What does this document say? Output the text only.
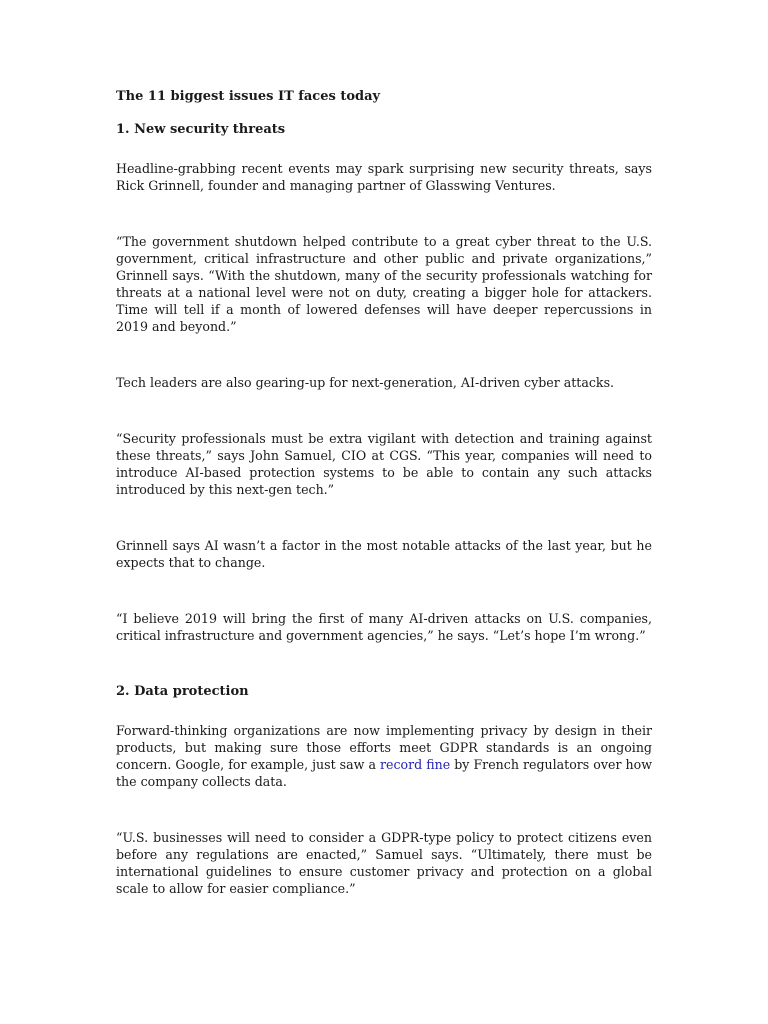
The 11 biggest issues IT faces today
1. New security threats

Headline-grabbing recent events may spark surprising new security threats, says Rick Grinnell, founder and managing partner of Glasswing Ventures.

“The government shutdown helped contribute to a great cyber threat to the U.S. government, critical infrastructure and other public and private organizations,” Grinnell says. “With the shutdown, many of the security professionals watching for threats at a national level were not on duty, creating a bigger hole for attackers. Time will tell if a month of lowered defenses will have deeper repercussions in 2019 and beyond.”

Tech leaders are also gearing-up for next-generation, AI-driven cyber attacks.

“Security professionals must be extra vigilant with detection and training against these threats,” says John Samuel, CIO at CGS. “This year, companies will need to introduce AI-based protection systems to be able to contain any such attacks introduced by this next-gen tech.”

Grinnell says AI wasn’t a factor in the most notable attacks of the last year, but he expects that to change.

“I believe 2019 will bring the first of many AI-driven attacks on U.S. companies, critical infrastructure and government agencies,” he says. “Let’s hope I’m wrong.”

2. Data protection

Forward-thinking organizations are now implementing privacy by design in their products, but making sure those efforts meet GDPR standards is an ongoing concern. Google, for example, just saw a record fine by French regulators over how the company collects data.

“U.S. businesses will need to consider a GDPR-type policy to protect citizens even before any regulations are enacted,” Samuel says. “Ultimately, there must be international guidelines to ensure customer privacy and protection on a global scale to allow for easier compliance.”
